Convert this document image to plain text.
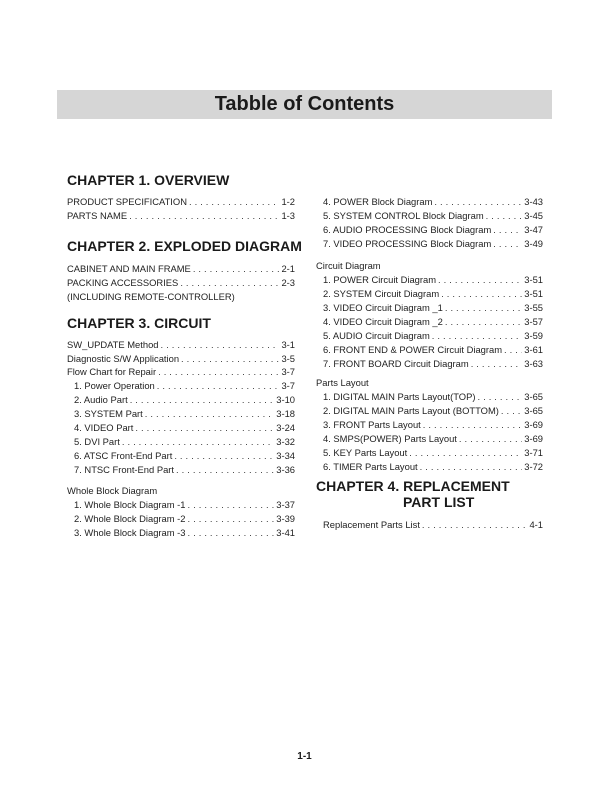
Tabble of Contents
CHAPTER 1. OVERVIEW
PRODUCT SPECIFICATION . . .	1-2
PARTS NAME . . .	1-3
CHAPTER 2. EXPLODED DIAGRAM
CABINET AND MAIN FRAME . . .	2-1
PACKING ACCESSORIES . . .	2-3
(INCLUDING REMOTE-CONTROLLER)
CHAPTER 3. CIRCUIT
SW_UPDATE Method . . .	3-1
Diagnostic S/W Application . . .	3-5
Flow Chart for Repair . . .	3-7
1. Power Operation . . .	3-7
2. Audio Part . . .	3-10
3. SYSTEM Part . . .	3-18
4. VIDEO Part . . .	3-24
5. DVI Part . . .	3-32
6. ATSC Front-End Part . . .	3-34
7. NTSC Front-End Part . . .	3-36
Whole Block Diagram
1. Whole Block Diagram -1 . . .	3-37
2. Whole Block Diagram -2 . . .	3-39
3. Whole Block Diagram -3 . . .	3-41
4. POWER Block Diagram . . .	3-43
5. SYSTEM CONTROL Block Diagram . . .	3-45
6. AUDIO PROCESSING Block Diagram . . .	3-47
7. VIDEO PROCESSING Block Diagram . . .	3-49
Circuit Diagram
1. POWER Circuit Diagram . . .	3-51
2. SYSTEM Circuit Diagram . . .	3-51
3. VIDEO Circuit Diagram _1 . . .	3-55
4. VIDEO Circuit Diagram _2 . . .	3-57
5. AUDIO Circuit Diagram . . .	3-59
6. FRONT END & POWER Circuit Diagram . . . 3-61
7. FRONT BOARD Circuit Diagram . . .	3-63
Parts Layout
1. DIGITAL MAIN Parts Layout(TOP) . . .	3-65
2. DIGITAL MAIN Parts Layout (BOTTOM) . . .	3-65
3. FRONT Parts Layout . . .	3-69
4. SMPS(POWER) Parts Layout . . .	3-69
5. KEY Parts Layout . . .	3-71
6. TIMER Parts Layout . . .	3-72
CHAPTER 4. REPLACEMENT
PART LIST
Replacement Parts List . . .	4-1
1-1
